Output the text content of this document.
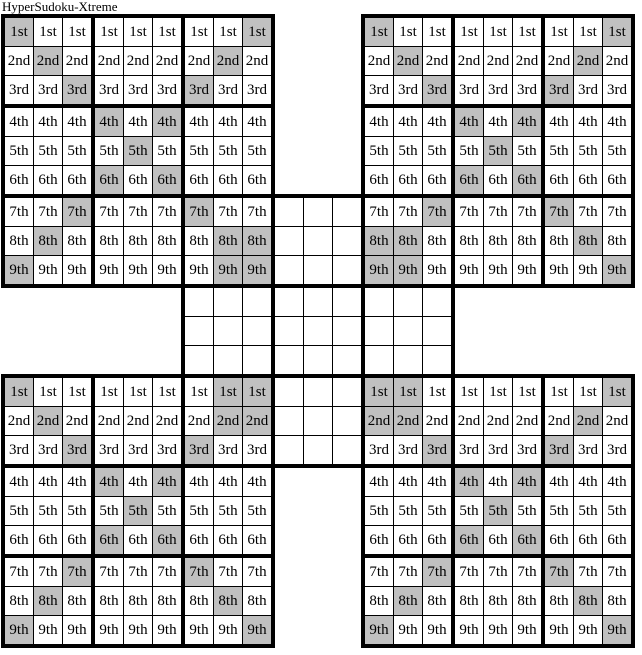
HyperSudoku-Xtreme
1st	1st	1st	1st	1st	1st	1st	1st	1st				1st	1st	1st	1st	1st	1st	1st	1st	1st
2nd	2nd	2nd	2nd	2nd	2nd	2nd	2nd	2nd				2nd	2nd	2nd	2nd	2nd	2nd	2nd	2nd	2nd
3rd	3rd	3rd	3rd	3rd	3rd	3rd	3rd	3rd				3rd	3rd	3rd	3rd	3rd	3rd	3rd	3rd	3rd
4th	4th	4th	4th	4th	4th	4th	4th	4th				4th	4th	4th	4th	4th	4th	4th	4th	4th
5th	5th	5th	5th	5th	5th	5th	5th	5th				5th	5th	5th	5th	5th	5th	5th	5th	5th
6th	6th	6th	6th	6th	6th	6th	6th	6th				6th	6th	6th	6th	6th	6th	6th	6th	6th
7th	7th	7th	7th	7th	7th	7th	7th	7th				7th	7th	7th	7th	7th	7th	7th	7th	7th
8th	8th	8th	8th	8th	8th	8th	8th	8th				8th	8th	8th	8th	8th	8th	8th	8th	8th
9th	9th	9th	9th	9th	9th	9th	9th	9th				9th	9th	9th	9th	9th	9th	9th	9th	9th

1st	1st	1st	1st	1st	1st	1st	1st	1st				1st	1st	1st	1st	1st	1st	1st	1st	1st
2nd	2nd	2nd	2nd	2nd	2nd	2nd	2nd	2nd				2nd	2nd	2nd	2nd	2nd	2nd	2nd	2nd	2nd
3rd	3rd	3rd	3rd	3rd	3rd	3rd	3rd	3rd				3rd	3rd	3rd	3rd	3rd	3rd	3rd	3rd	3rd
4th	4th	4th	4th	4th	4th	4th	4th	4th				4th	4th	4th	4th	4th	4th	4th	4th	4th
5th	5th	5th	5th	5th	5th	5th	5th	5th				5th	5th	5th	5th	5th	5th	5th	5th	5th
6th	6th	6th	6th	6th	6th	6th	6th	6th				6th	6th	6th	6th	6th	6th	6th	6th	6th
7th	7th	7th	7th	7th	7th	7th	7th	7th				7th	7th	7th	7th	7th	7th	7th	7th	7th
8th	8th	8th	8th	8th	8th	8th	8th	8th				8th	8th	8th	8th	8th	8th	8th	8th	8th
9th	9th	9th	9th	9th	9th	9th	9th	9th				9th	9th	9th	9th	9th	9th	9th	9th	9th
